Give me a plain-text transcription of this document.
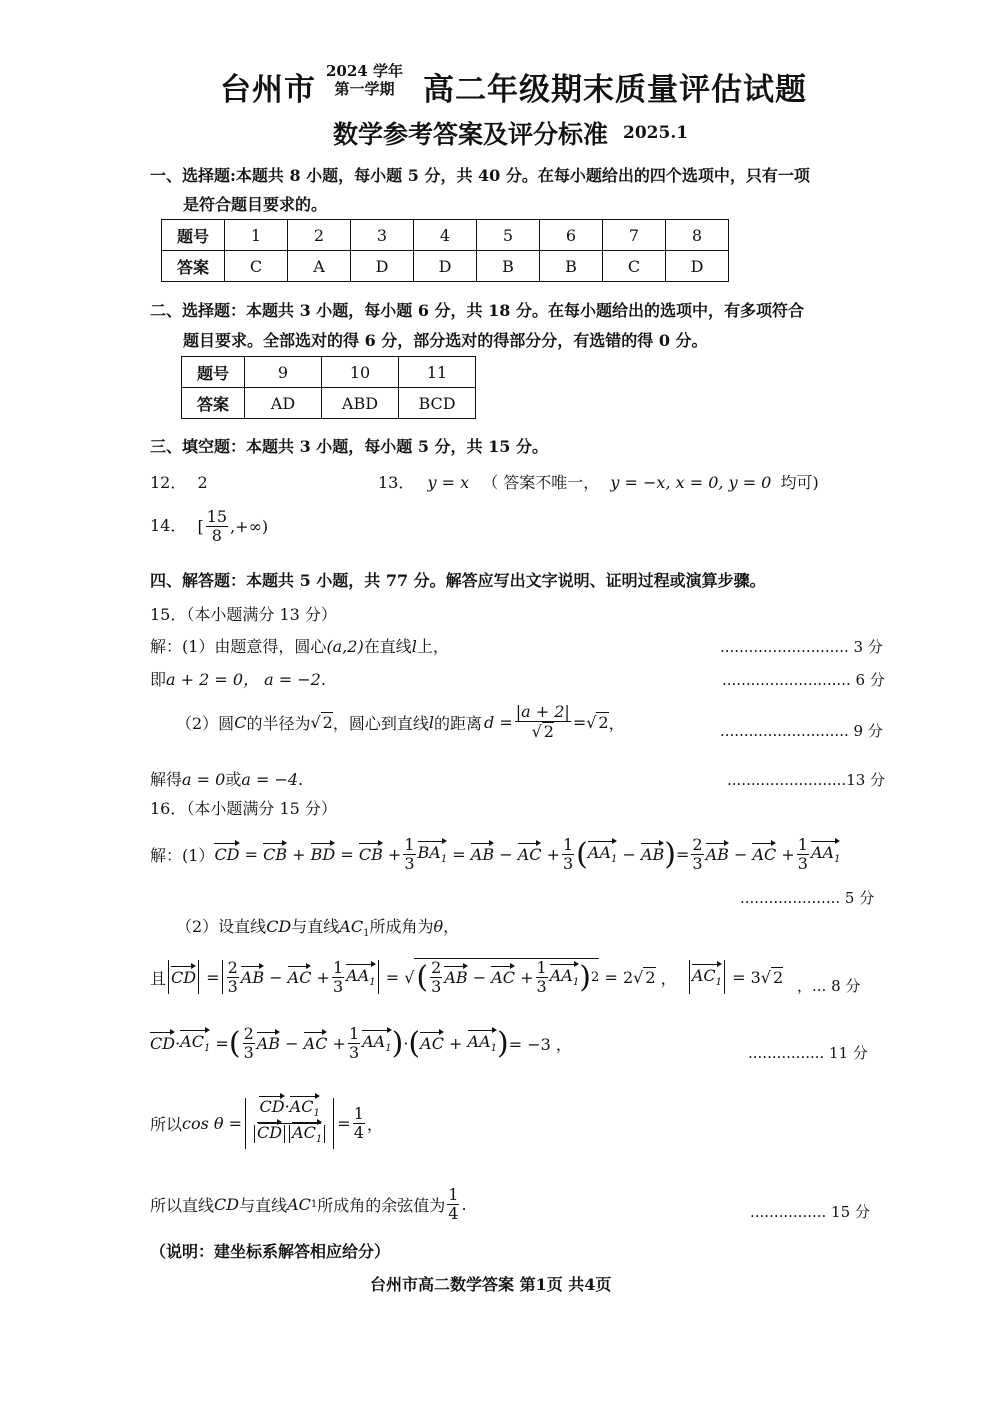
台州市
2024 学年
第一学期 高二年级期末质量评估试题
数学参考答案及评分标准 2025.1
一、选择题:本题共 8 小题，每小题 5 分，共 40 分。在每小题给出的四个选项中，只有一项
是符合题目要求的。
题号	1	2	3	4	5	6	7	8
答案	C	A	D	D	B	B	C	D
二、选择题：本题共 3 小题，每小题 6 分，共 18 分。在每小题给出的选项中，有多项符合
题目要求。全部选对的得 6 分，部分选对的得部分分，有选错的得 0 分。
题号	9	10	11
答案	AD	ABD	BCD
三、填空题：本题共 3 小题，每小题 5 分，共 15 分。
12． 2	13． y = x （ 答案不唯一， y = −x, x = 0, y = 0 均可)
14． [ $\frac{15}{8}$ ,+∞)
四、解答题：本题共 5 小题，共 77 分。解答应写出文字说明、证明过程或演算步骤。
15．（本小题满分 13 分）
解：(1）由题意得，圆心(a,2)在直线l上，	........................... 3 分
即a + 2 = 0， a = −2.	........................... 6 分
（2）圆 C 的半径为 √ 2 ，圆心到直线 l 的距离 $d = \frac{|a + 2|}{√ 2}$ = √ 2 ，	........................... 9 分
解得a = 0或a = −4.	.........................13 分
16．（本小题满分 15 分）
解：(1） CD = CB + BD = CB + $\frac{1}{3} BA_1$ = AB − AC + $\frac{1}{3}$ ( $AA_1$ − AB ) = $\frac{2}{3}$ AB − AC + $\frac{1}{3} AA_1$
..................... 5 分
（2）设直线CD与直线$AC_1$所成角为θ，
且 CD = $\frac{2}{3}$ AB − AC + $\frac{1}{3} AA_1$ = √ ( $\frac{2}{3}$ AB − AC + $\frac{1}{3} AA_1$ ) 2
= 2 √ 2 ， $AC_1$
= 3 √ 2 ，... 8 分
CD · $AC_1$ = ( $\frac{2}{3}$ AB − AC + $\frac{1}{3} AA_1$ ) · ( AC + $AA_1$ ) = −3 ，	................ 11 分
所以 $\cos \theta = \frac{CD\cdot AC_1}{CD AC_1} = \frac{1}{4}$ ，
所以直线 CD 与直线 AC 1 所成角的余弦值为 $\frac{1}{4}$ .	................ 15 分
（说明：建坐标系解答相应给分）
台州市高二数学答案 第1页 共4页
